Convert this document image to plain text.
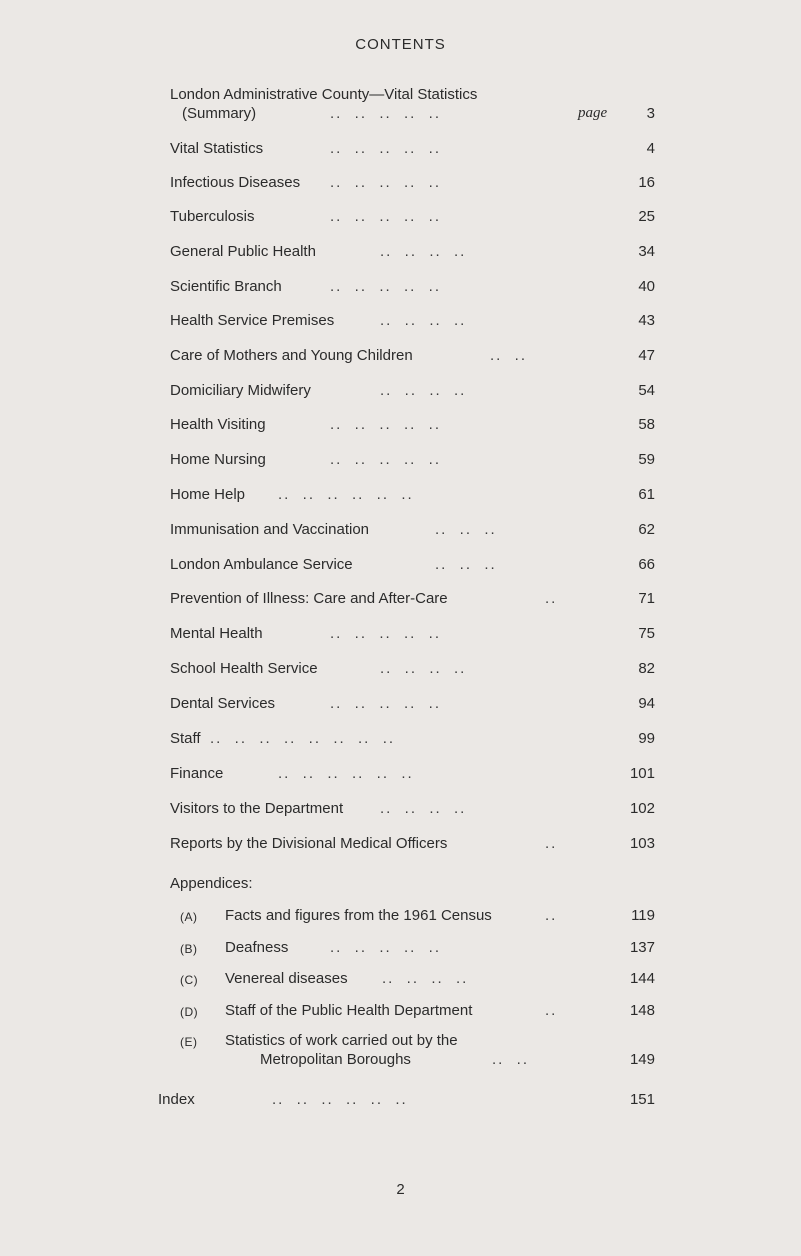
CONTENTS
London Administrative County—Vital Statistics
(Summary)	..  ..  ..  ..  ..	page	3
Vital Statistics	..  ..  ..  ..  ..	4
Infectious Diseases ..  ..  ..  ..  ..	16
Tuberculosis	..  ..  ..  ..  ..	25
General Public Health	..  ..  ..  ..	34
Scientific Branch	..  ..  ..  ..  ..	40
Health Service Premises	..  ..  ..  ..	43
Care of Mothers and Young Children	..  ..	47
Domiciliary Midwifery	..  ..  ..  ..	54
Health Visiting	..  ..  ..  ..  ..	58
Home Nursing	..  ..  ..  ..  ..	59
Home Help ..  ..  ..  ..  ..  ..	61
Immunisation and Vaccination	..  ..  ..	62
London Ambulance Service	..  ..  ..	66
Prevention of Illness: Care and After-Care	..	71
Mental Health	..  ..  ..  ..  ..	75
School Health Service	..  ..  ..  ..	82
Dental Services	..  ..  ..  ..  ..	94
Staff ..  ..  ..  ..  ..  ..  ..  ..	99
Finance	..  ..  ..  ..  ..  ..	101
Visitors to the Department ..  ..  ..  ..	102
Reports by the Divisional Medical Officers	..	103
Appendices:
(A) Facts and figures from the 1961 Census	..	119
(B) Deafness	..  ..  ..  ..  ..	137
(C) Venereal diseases ..  ..  ..  ..	144
(D) Staff of the Public Health Department	..	148
(E) Statistics of work carried out by the
Metropolitan Boroughs	..  ..	149
Index	..  ..  ..  ..  ..  ..	151
2
